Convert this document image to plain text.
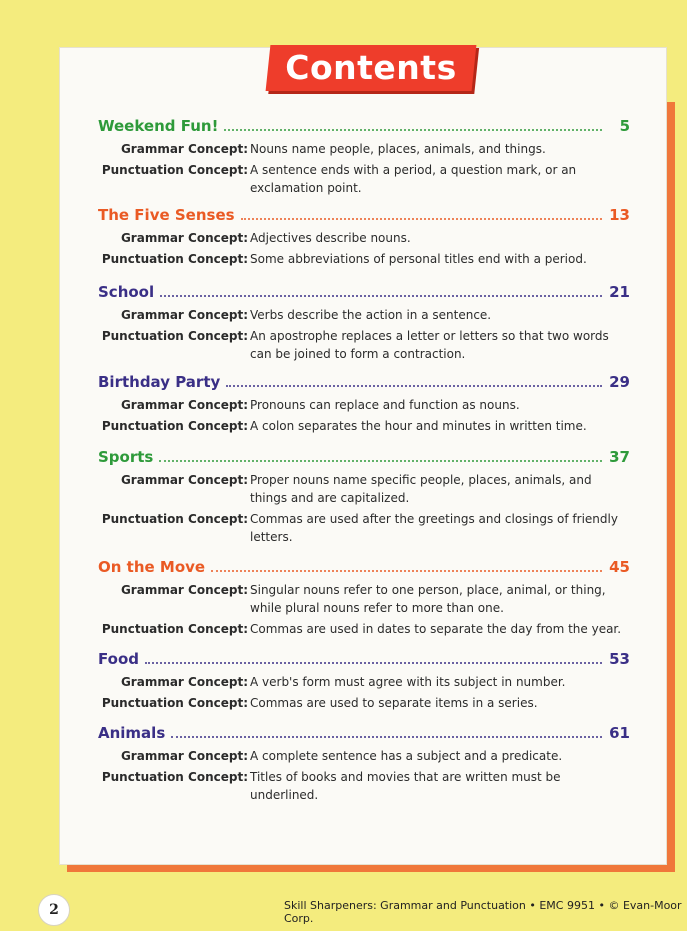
Contents
Weekend Fun!	5
Grammar Concept: Nouns name people, places, animals, and things.
Punctuation Concept: A sentence ends with a period, a question mark, or an exclamation point.
The Five Senses	13
Grammar Concept: Adjectives describe nouns.
Punctuation Concept: Some abbreviations of personal titles end with a period.
School	21
Grammar Concept: Verbs describe the action in a sentence.
Punctuation Concept: An apostrophe replaces a letter or letters so that two words can be joined to form a contraction.
Birthday Party	29
Grammar Concept: Pronouns can replace and function as nouns.
Punctuation Concept: A colon separates the hour and minutes in written time.
Sports	37
Grammar Concept: Proper nouns name specific people, places, animals, and things and are capitalized.
Punctuation Concept: Commas are used after the greetings and closings of friendly letters.
On the Move	45
Grammar Concept: Singular nouns refer to one person, place, animal, or thing, while plural nouns refer to more than one.
Punctuation Concept: Commas are used in dates to separate the day from the year.
Food	53
Grammar Concept: A verb's form must agree with its subject in number.
Punctuation Concept: Commas are used to separate items in a series.
Animals	61
Grammar Concept: A complete sentence has a subject and a predicate.
Punctuation Concept: Titles of books and movies that are written must be underlined.
2	Skill Sharpeners: Grammar and Punctuation • EMC 9951 • © Evan-Moor Corp.
